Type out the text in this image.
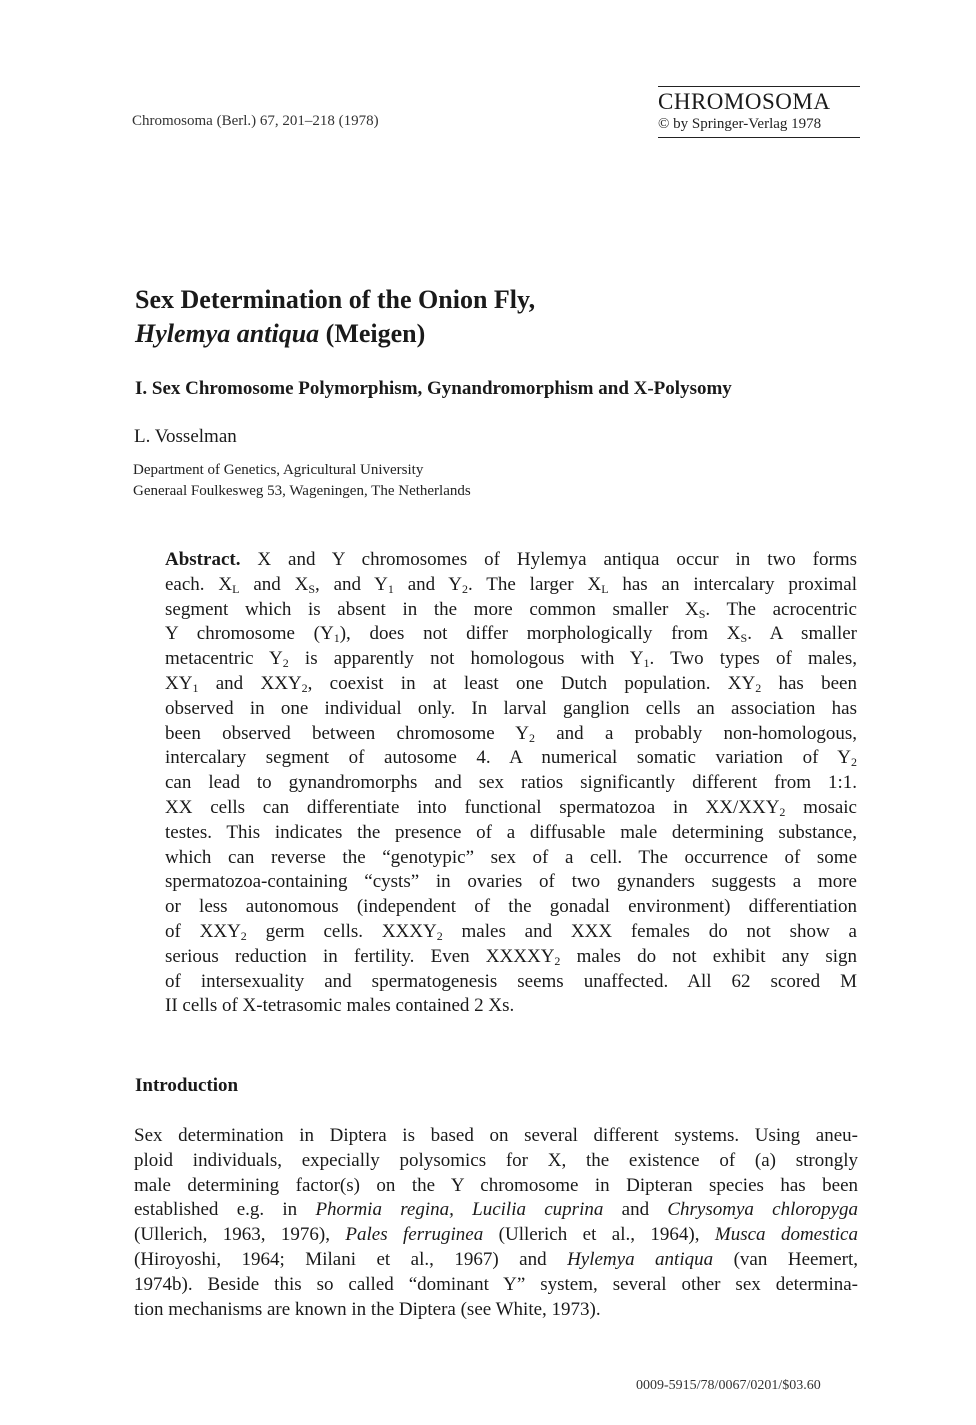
Chromosoma (Berl.) 67, 201–218 (1978)
CHROMOSOMA
© by Springer-Verlag 1978
Sex Determination of the Onion Fly,
Hylemya antiqua (Meigen)
I. Sex Chromosome Polymorphism, Gynandromorphism and X-Polysomy
L. Vosselman
Department of Genetics, Agricultural University
Generaal Foulkesweg 53, Wageningen, The Netherlands
Abstract. X and Y chromosomes of Hylemya antiqua occur in two forms
each. $X_L$ and $X_S$, and $Y_1$ and $Y_2$. The larger $X_L$ has an intercalary proximal
segment which is absent in the more common smaller $X_S$. The acrocentric
Y chromosome $(Y_1)$, does not differ morphologically from $X_S$. A smaller
metacentric $Y_2$ is apparently not homologous with $Y_1$. Two types of males,
$XY_1$ and $XXY_2$, coexist in at least one Dutch population. $XY_2$ has been
observed in one individual only. In larval ganglion cells an association has
been observed between chromosome $Y_2$ and a probably non-homologous,
intercalary segment of autosome 4. A numerical somatic variation of $Y_2$
can lead to gynandromorphs and sex ratios significantly different from 1:1.
XX cells can differentiate into functional spermatozoa in $XX/XXY_2$ mosaic
testes. This indicates the presence of a diffusable male determining substance,
which can reverse the “genotypic” sex of a cell. The occurrence of some
spermatozoa-containing “cysts” in ovaries of two gynanders suggests a more
or less autonomous (independent of the gonadal environment) differentiation
of $XXY_2$ germ cells. $XXXY_2$ males and XXX females do not show a
serious reduction in fertility. Even $XXXXY_2$ males do not exhibit any sign
of intersexuality and spermatogenesis seems unaffected. All 62 scored M
II cells of X-tetrasomic males contained 2 Xs.
Introduction
Sex determination in Diptera is based on several different systems. Using aneu-
ploid individuals, expecially polysomics for X, the existence of (a) strongly
male determining factor(s) on the Y chromosome in Dipteran species has been
established e.g. in Phormia regina, Lucilia cuprina and Chrysomya chloropyga
(Ullerich, 1963, 1976), Pales ferruginea (Ullerich et al., 1964), Musca domestica
(Hiroyoshi, 1964; Milani et al., 1967) and Hylemya antiqua (van Heemert,
1974b). Beside this so called “dominant Y” system, several other sex determina-
tion mechanisms are known in the Diptera (see White, 1973).
0009-5915/78/0067/0201/$03.60
